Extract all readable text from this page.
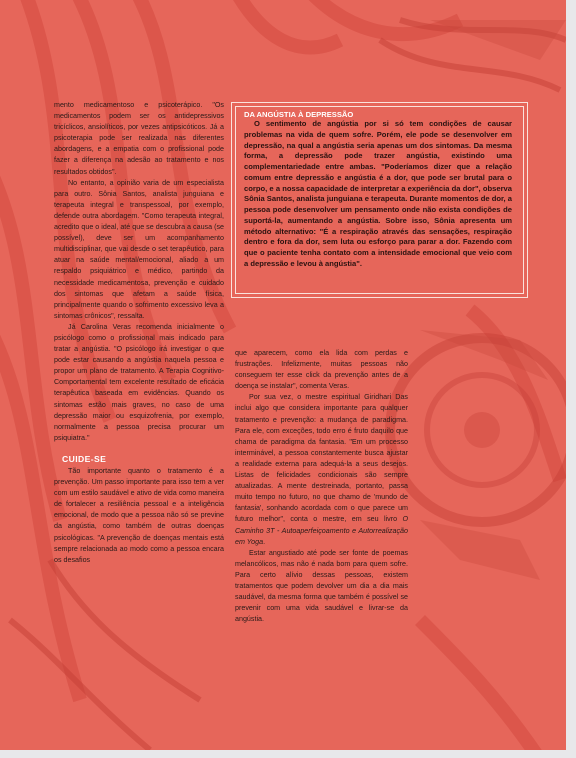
mento medicamentoso e psicoterápico. "Os medicamentos podem ser os antidepressivos tricíclicos, ansiolíticos, por vezes antipsicóticos. Já a psicoterapia pode ser realizada nas diferentes abordagens, e a empatia com o profissional pode fazer a diferença na adesão ao tratamento e nos resultados obtidos".

No entanto, a opinião varia de um especialista para outro. Sônia Santos, analista junguiana e terapeuta integral e transpessoal, por exemplo, defende outra abordagem. "Como terapeuta integral, acredito que o ideal, até que se descubra a causa (se possível), deve ser um acompanhamento multidisciplinar, que vai desde o set terapêutico, para atuar na saúde mental/emocional, aliado a um respaldo psiquiátrico e médico, partindo da necessidade medicamentosa, prevenção e cuidado dos sintomas que afetam a saúde física, principalmente quando o sofrimento excessivo leva a sintomas crônicos", ressalta.

Já Carolina Veras recomenda inicialmente o psicólogo como o profissional mais indicado para tratar a angústia. "O psicólogo irá investigar o que pode estar causando a angústia naquela pessoa e propor um plano de tratamento. A Terapia Cognitivo-Comportamental tem excelente resultado de eficácia terapêutica baseada em evidências. Quando os sintomas estão mais graves, no caso de uma depressão maior ou esquizofrenia, por exemplo, normalmente a pessoa precisa procurar um psiquiatra."

CUIDE-SE

Tão importante quanto o tratamento é a prevenção. Um passo importante para isso tem a ver com um estilo saudável e ativo de vida como maneira de fortalecer a resiliência pessoal e a inteligência emocional, de modo que a pessoa não só se previne da angústia, como também de outras doenças psicológicas. "A prevenção de doenças mentais está sempre relacionada ao modo como a pessoa encara os desafios

que aparecem, como ela lida com perdas e frustrações. Infelizmente, muitas pessoas não conseguem ter esse click da prevenção antes de a doença se instalar", comenta Veras.

Por sua vez, o mestre espiritual Giridhari Das inclui algo que considera importante para qualquer tratamento e prevenção: a mudança de paradigma. Para ele, com exceções, todo erro é fruto daquilo que chama de paradigma da fantasia. "Em um processo interminável, a pessoa constantemente busca ajustar a realidade externa para adequá-la a seus desejos. Listas de felicidades condicionais são sempre atualizadas. A mente destreinada, portanto, passa muito tempo no futuro, no que chamo de 'mundo de fantasia', sonhando acordada com o que parece um futuro melhor", conta o mestre, em seu livro O Caminho 3T - Autoaperfeiçoamento e Autorrealização em Yoga.

Estar angustiado até pode ser fonte de poemas melancólicos, mas não é nada bom para quem sofre. Para certo alívio dessas pessoas, existem tratamentos que podem devolver um dia a dia mais saudável, da mesma forma que também é possível se prevenir com uma vida saudável e livrar-se da angústia.

DA ANGÚSTIA À DEPRESSÃO

O sentimento de angústia por si só tem condições de causar problemas na vida de quem sofre. Porém, ele pode se desenvolver em depressão, na qual a angústia seria apenas um dos sintomas. Da mesma forma, a depressão pode trazer angústia, existindo uma complementariedade entre ambas. "Poderíamos dizer que a relação comum entre depressão e angústia é a dor, que pode ser brutal para o corpo, e a nossa capacidade de interpretar a experiência da dor", observa Sônia Santos, analista junguiana e terapeuta. Durante momentos de dor, a pessoa pode desenvolver um pensamento onde não exista condições de suportá-la, aumentando a angústia. Sobre isso, Sônia apresenta um método alternativo: "É a respiração através das sensações, respiração dentro e fora da dor, sem luta ou esforço para parar a dor. Fazendo com que o paciente tenha contato com a intensidade emocional que veio com a depressão e levou à angústia".
